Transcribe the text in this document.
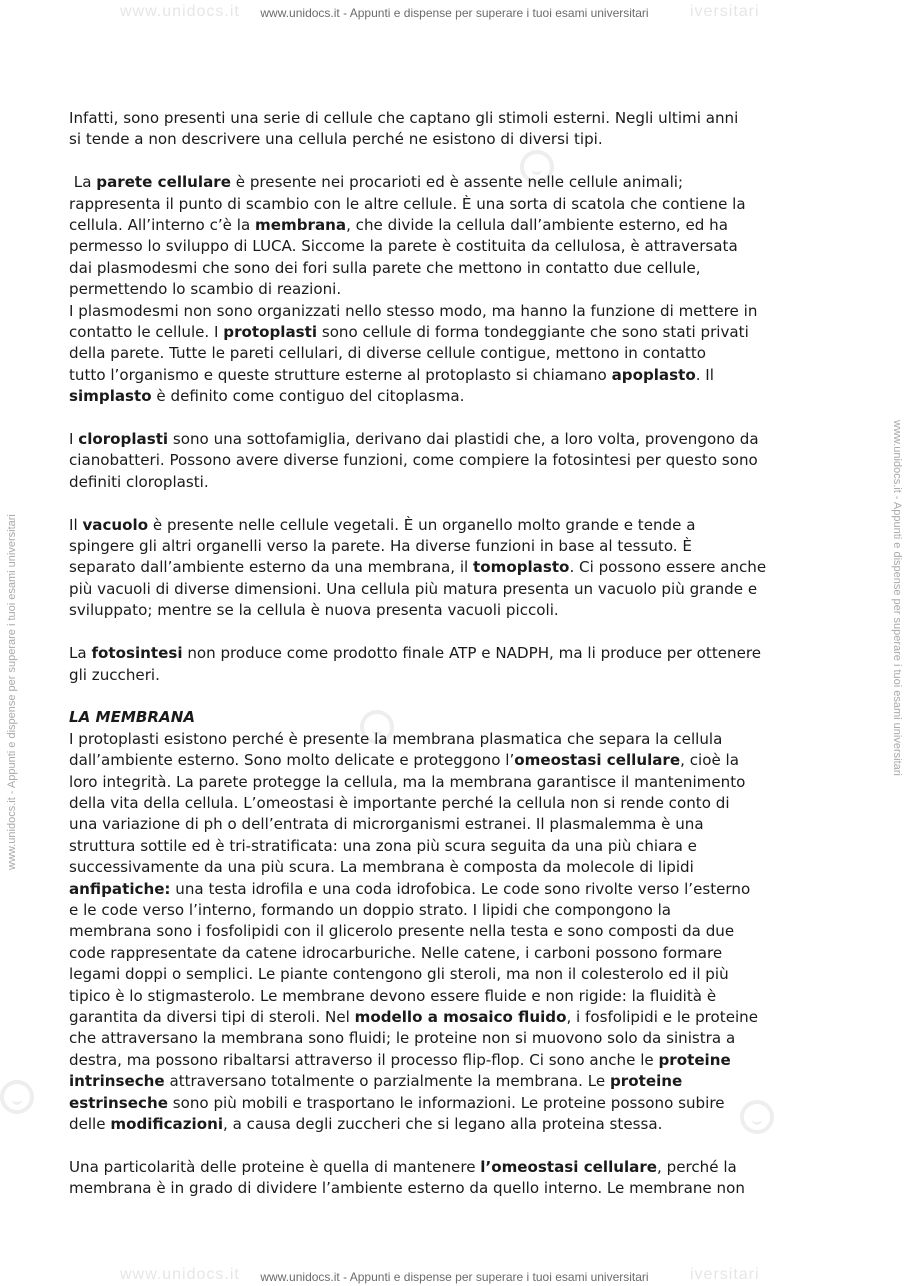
www.unidocs.it	iversitari
www.unidocs.it - Appunti e dispense per superare i tuoi esami universitari
www.unidocs.it	iversitari
www.unidocs.it - Appunti e dispense per superare i tuoi esami universitari
www.unidocs.it - Appunti e dispense per superare i tuoi esami universitari	www.unidocs.it - Appunti e dispense per superare i tuoi esami universitari

Infatti, sono presenti una serie di cellule che captano gli stimoli esterni. Negli ultimi anni

si tende a non descrivere una cellula perché ne esistono di diversi tipi.

La parete cellulare è presente nei procarioti ed è assente nelle cellule animali;

rappresenta il punto di scambio con le altre cellule. È una sorta di scatola che contiene la

cellula. All’interno c’è la membrana, che divide la cellula dall’ambiente esterno, ed ha

permesso lo sviluppo di LUCA. Siccome la parete è costituita da cellulosa, è attraversata

dai plasmodesmi che sono dei fori sulla parete che mettono in contatto due cellule,

permettendo lo scambio di reazioni.

I plasmodesmi non sono organizzati nello stesso modo, ma hanno la funzione di mettere in

contatto le cellule. I protoplasti sono cellule di forma tondeggiante che sono stati privati

della parete. Tutte le pareti cellulari, di diverse cellule contigue, mettono in contatto

tutto l’organismo e queste strutture esterne al protoplasto si chiamano apoplasto. Il

simplasto è definito come contiguo del citoplasma.

I cloroplasti sono una sottofamiglia, derivano dai plastidi che, a loro volta, provengono da

cianobatteri. Possono avere diverse funzioni, come compiere la fotosintesi per questo sono

definiti cloroplasti.

Il vacuolo è presente nelle cellule vegetali. È un organello molto grande e tende a

spingere gli altri organelli verso la parete. Ha diverse funzioni in base al tessuto. È

separato dall’ambiente esterno da una membrana, il tomoplasto. Ci possono essere anche

più vacuoli di diverse dimensioni. Una cellula più matura presenta un vacuolo più grande e

sviluppato; mentre se la cellula è nuova presenta vacuoli piccoli.

La fotosintesi non produce come prodotto finale ATP e NADPH, ma li produce per ottenere

gli zuccheri.

LA MEMBRANA

I protoplasti esistono perché è presente la membrana plasmatica che separa la cellula

dall’ambiente esterno. Sono molto delicate e proteggono l’omeostasi cellulare, cioè la

loro integrità. La parete protegge la cellula, ma la membrana garantisce il mantenimento

della vita della cellula. L’omeostasi è importante perché la cellula non si rende conto di

una variazione di ph o dell’entrata di microrganismi estranei. Il plasmalemma è una

struttura sottile ed è tri-stratificata: una zona più scura seguita da una più chiara e

successivamente da una più scura. La membrana è composta da molecole di lipidi

anfipatiche: una testa idrofila e una coda idrofobica. Le code sono rivolte verso l’esterno

e le code verso l’interno, formando un doppio strato. I lipidi che compongono la

membrana sono i fosfolipidi con il glicerolo presente nella testa e sono composti da due

code rappresentate da catene idrocarburiche. Nelle catene, i carboni possono formare

legami doppi o semplici. Le piante contengono gli steroli, ma non il colesterolo ed il più

tipico è lo stigmasterolo. Le membrane devono essere fluide e non rigide: la fluidità è

garantita da diversi tipi di steroli. Nel modello a mosaico fluido, i fosfolipidi e le proteine

che attraversano la membrana sono fluidi; le proteine non si muovono solo da sinistra a

destra, ma possono ribaltarsi attraverso il processo flip-flop. Ci sono anche le proteine

intrinseche attraversano totalmente o parzialmente la membrana. Le proteine

estrinseche sono più mobili e trasportano le informazioni. Le proteine possono subire

delle modificazioni, a causa degli zuccheri che si legano alla proteina stessa.

Una particolarità delle proteine è quella di mantenere l’omeostasi cellulare, perché la

membrana è in grado di dividere l’ambiente esterno da quello interno. Le membrane non
